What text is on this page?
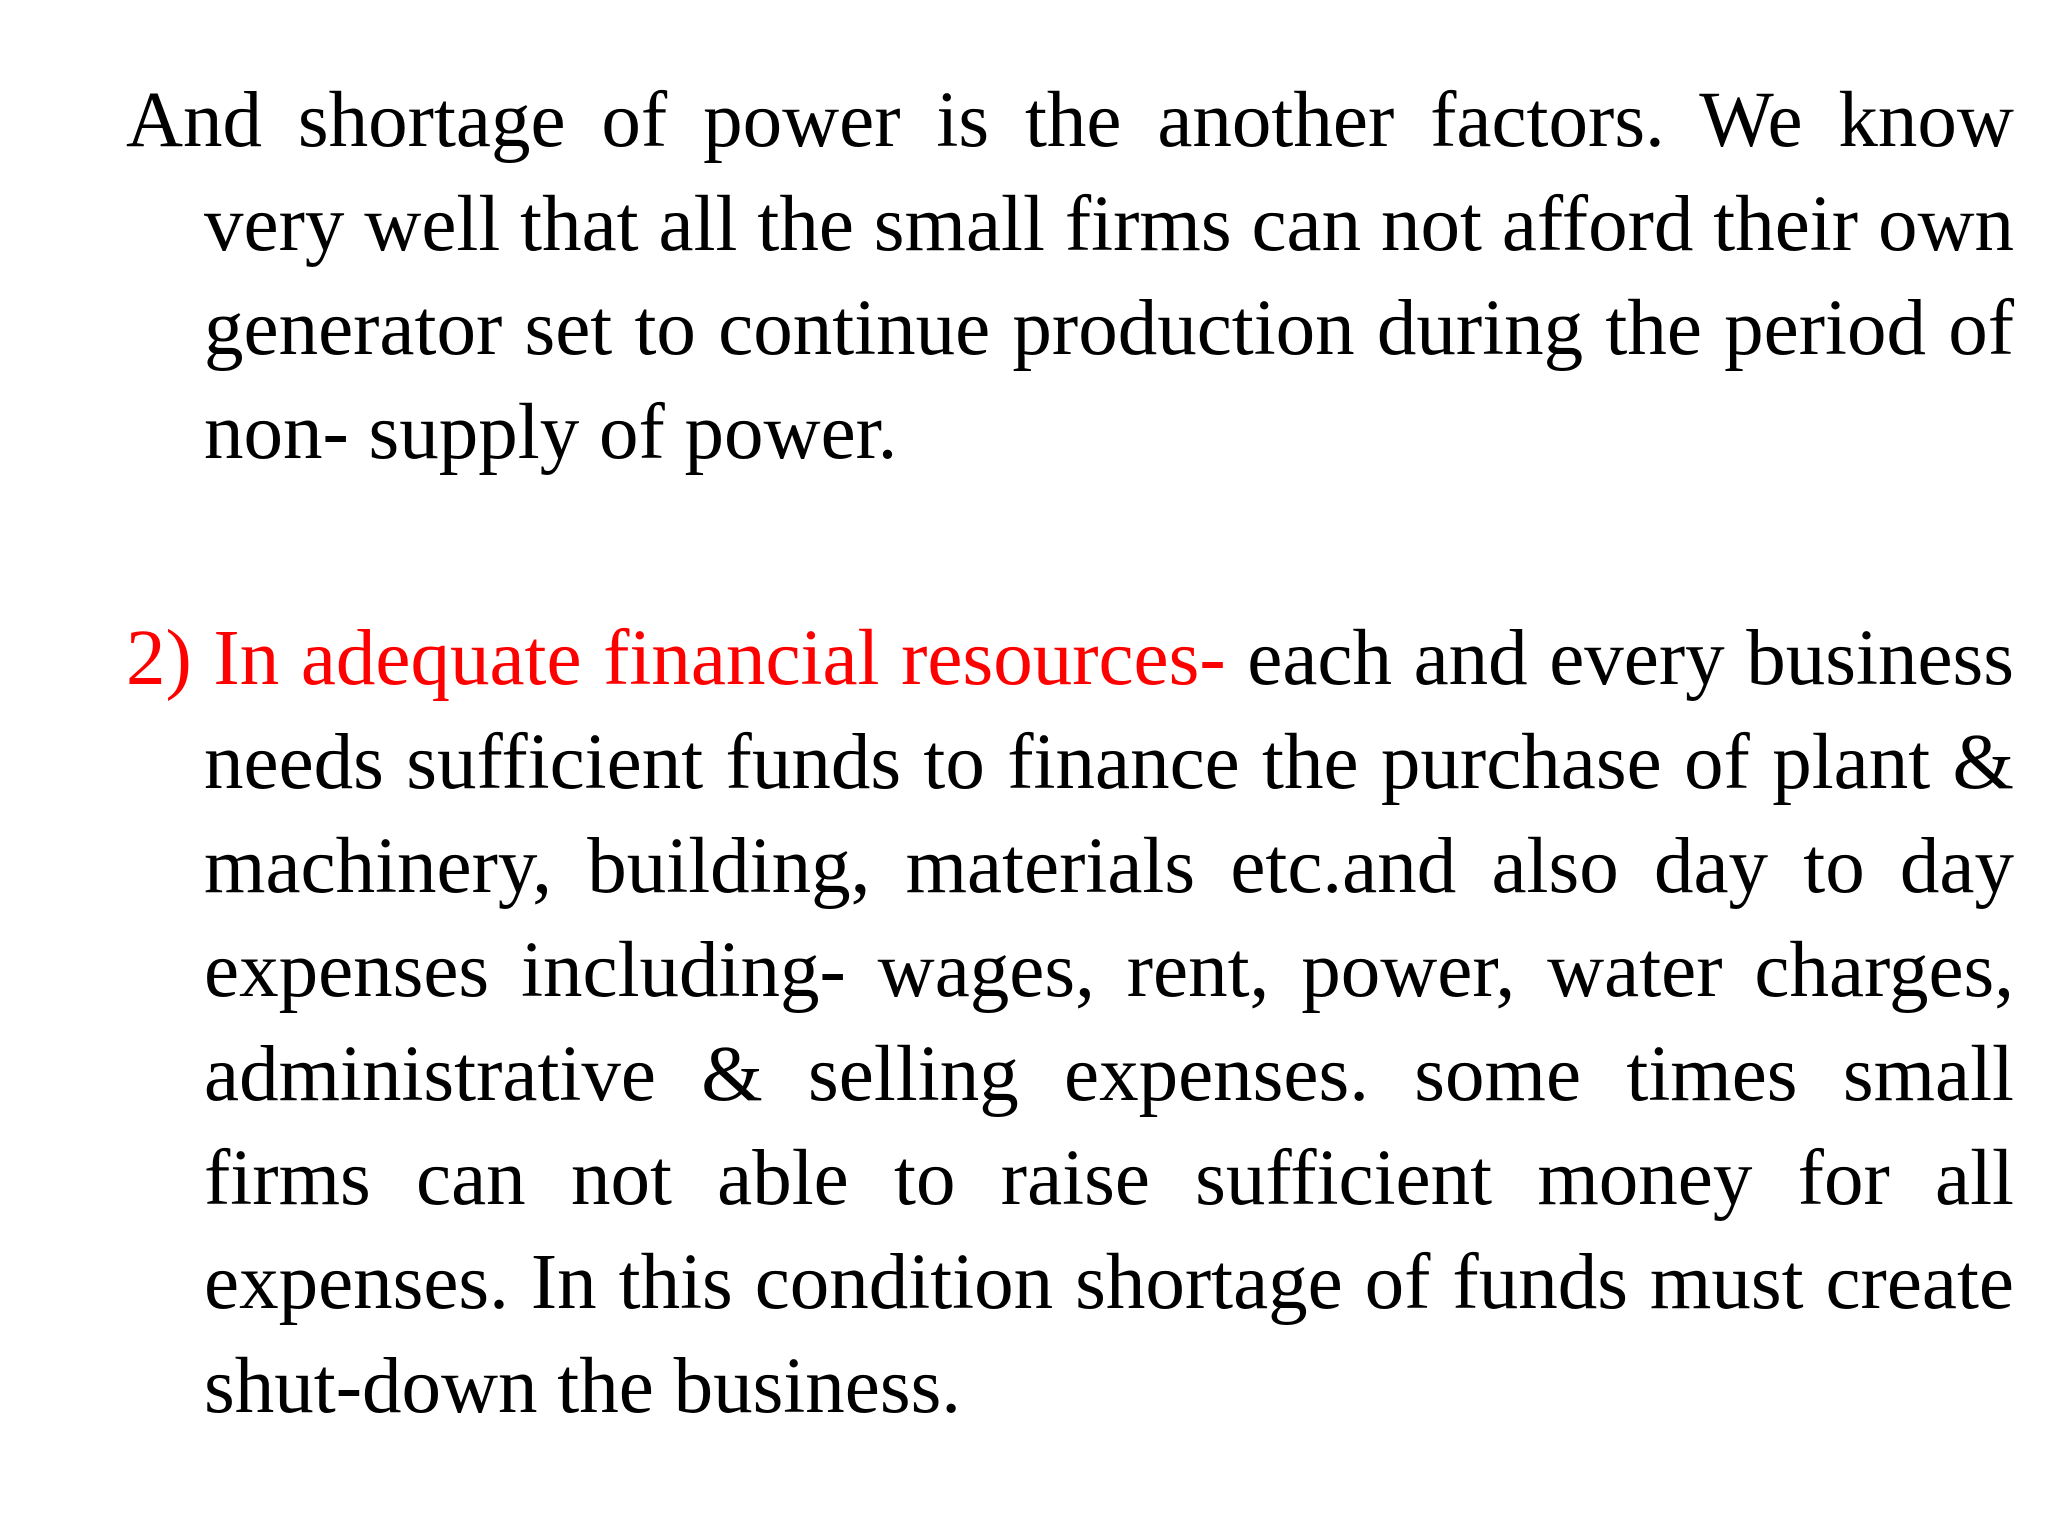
And shortage of power is the another factors. We know very well that all the small firms can not afford their own generator set to continue production during the period of non- supply of power.

2) In adequate financial resources- each and every business needs sufficient funds to finance the purchase of plant & machinery, building, materials etc.and also day to day expenses including- wages, rent, power, water charges, administrative & selling expenses. some times small firms can not able to raise sufficient money for all expenses. In this condition shortage of funds must create shut-down the business.
